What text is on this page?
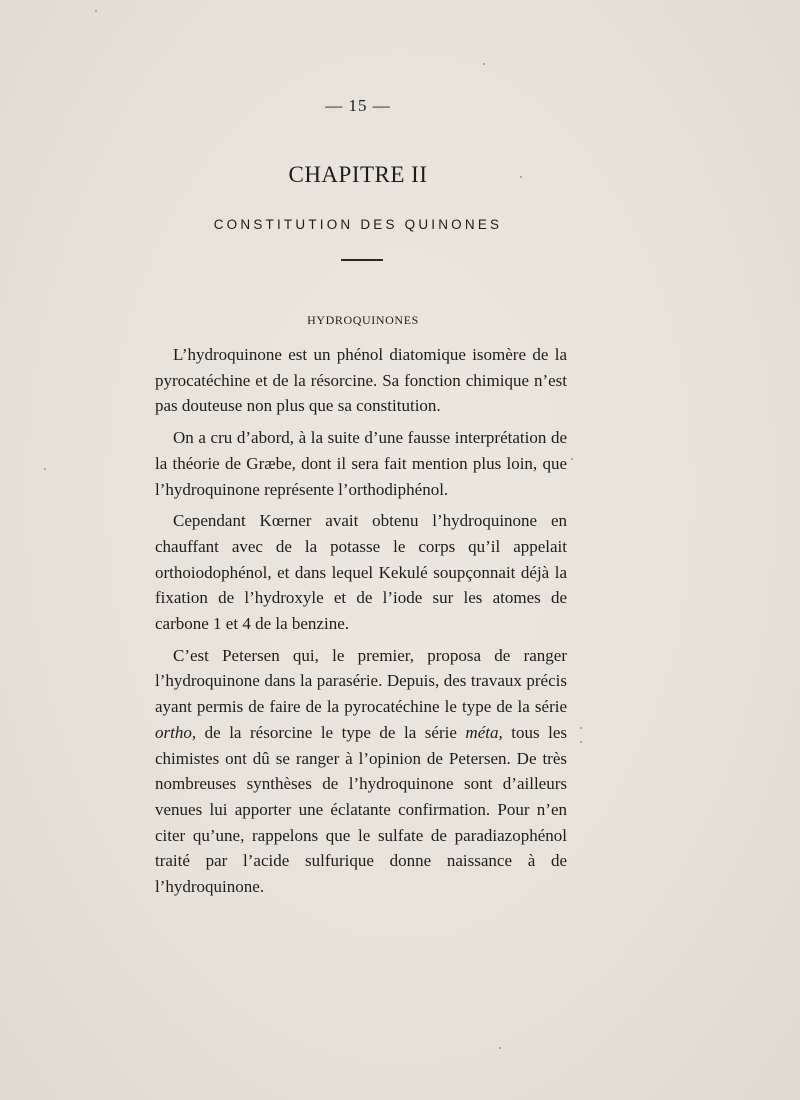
— 15 —
CHAPITRE II
CONSTITUTION DES QUINONES
HYDROQUINONES

L’hydroquinone est un phénol diatomique isomère de la pyrocatéchine et de la résorcine. Sa fonction chimique n’est pas douteuse non plus que sa constitution.

On a cru d’abord, à la suite d’une fausse interprétation de la théorie de Græbe, dont il sera fait mention plus loin, que l’hydroquinone représente l’orthodiphénol.

Cependant Kœrner avait obtenu l’hydroquinone en chauffant avec de la potasse le corps qu’il appelait orthoiodophénol, et dans lequel Kekulé soupçonnait déjà la fixation de l’hydroxyle et de l’iode sur les atomes de carbone 1 et 4 de la benzine.

C’est Petersen qui, le premier, proposa de ranger l’hydroquinone dans la parasérie. Depuis, des travaux précis ayant permis de faire de la pyrocatéchine le type de la série ortho, de la résorcine le type de la série méta, tous les chimistes ont dû se ranger à l’opinion de Petersen. De très nombreuses synthèses de l’hydroquinone sont d’ailleurs venues lui apporter une éclatante confirmation. Pour n’en citer qu’une, rappelons que le sulfate de paradiazophénol traité par l’acide sulfurique donne naissance à de l’hydroquinone.
